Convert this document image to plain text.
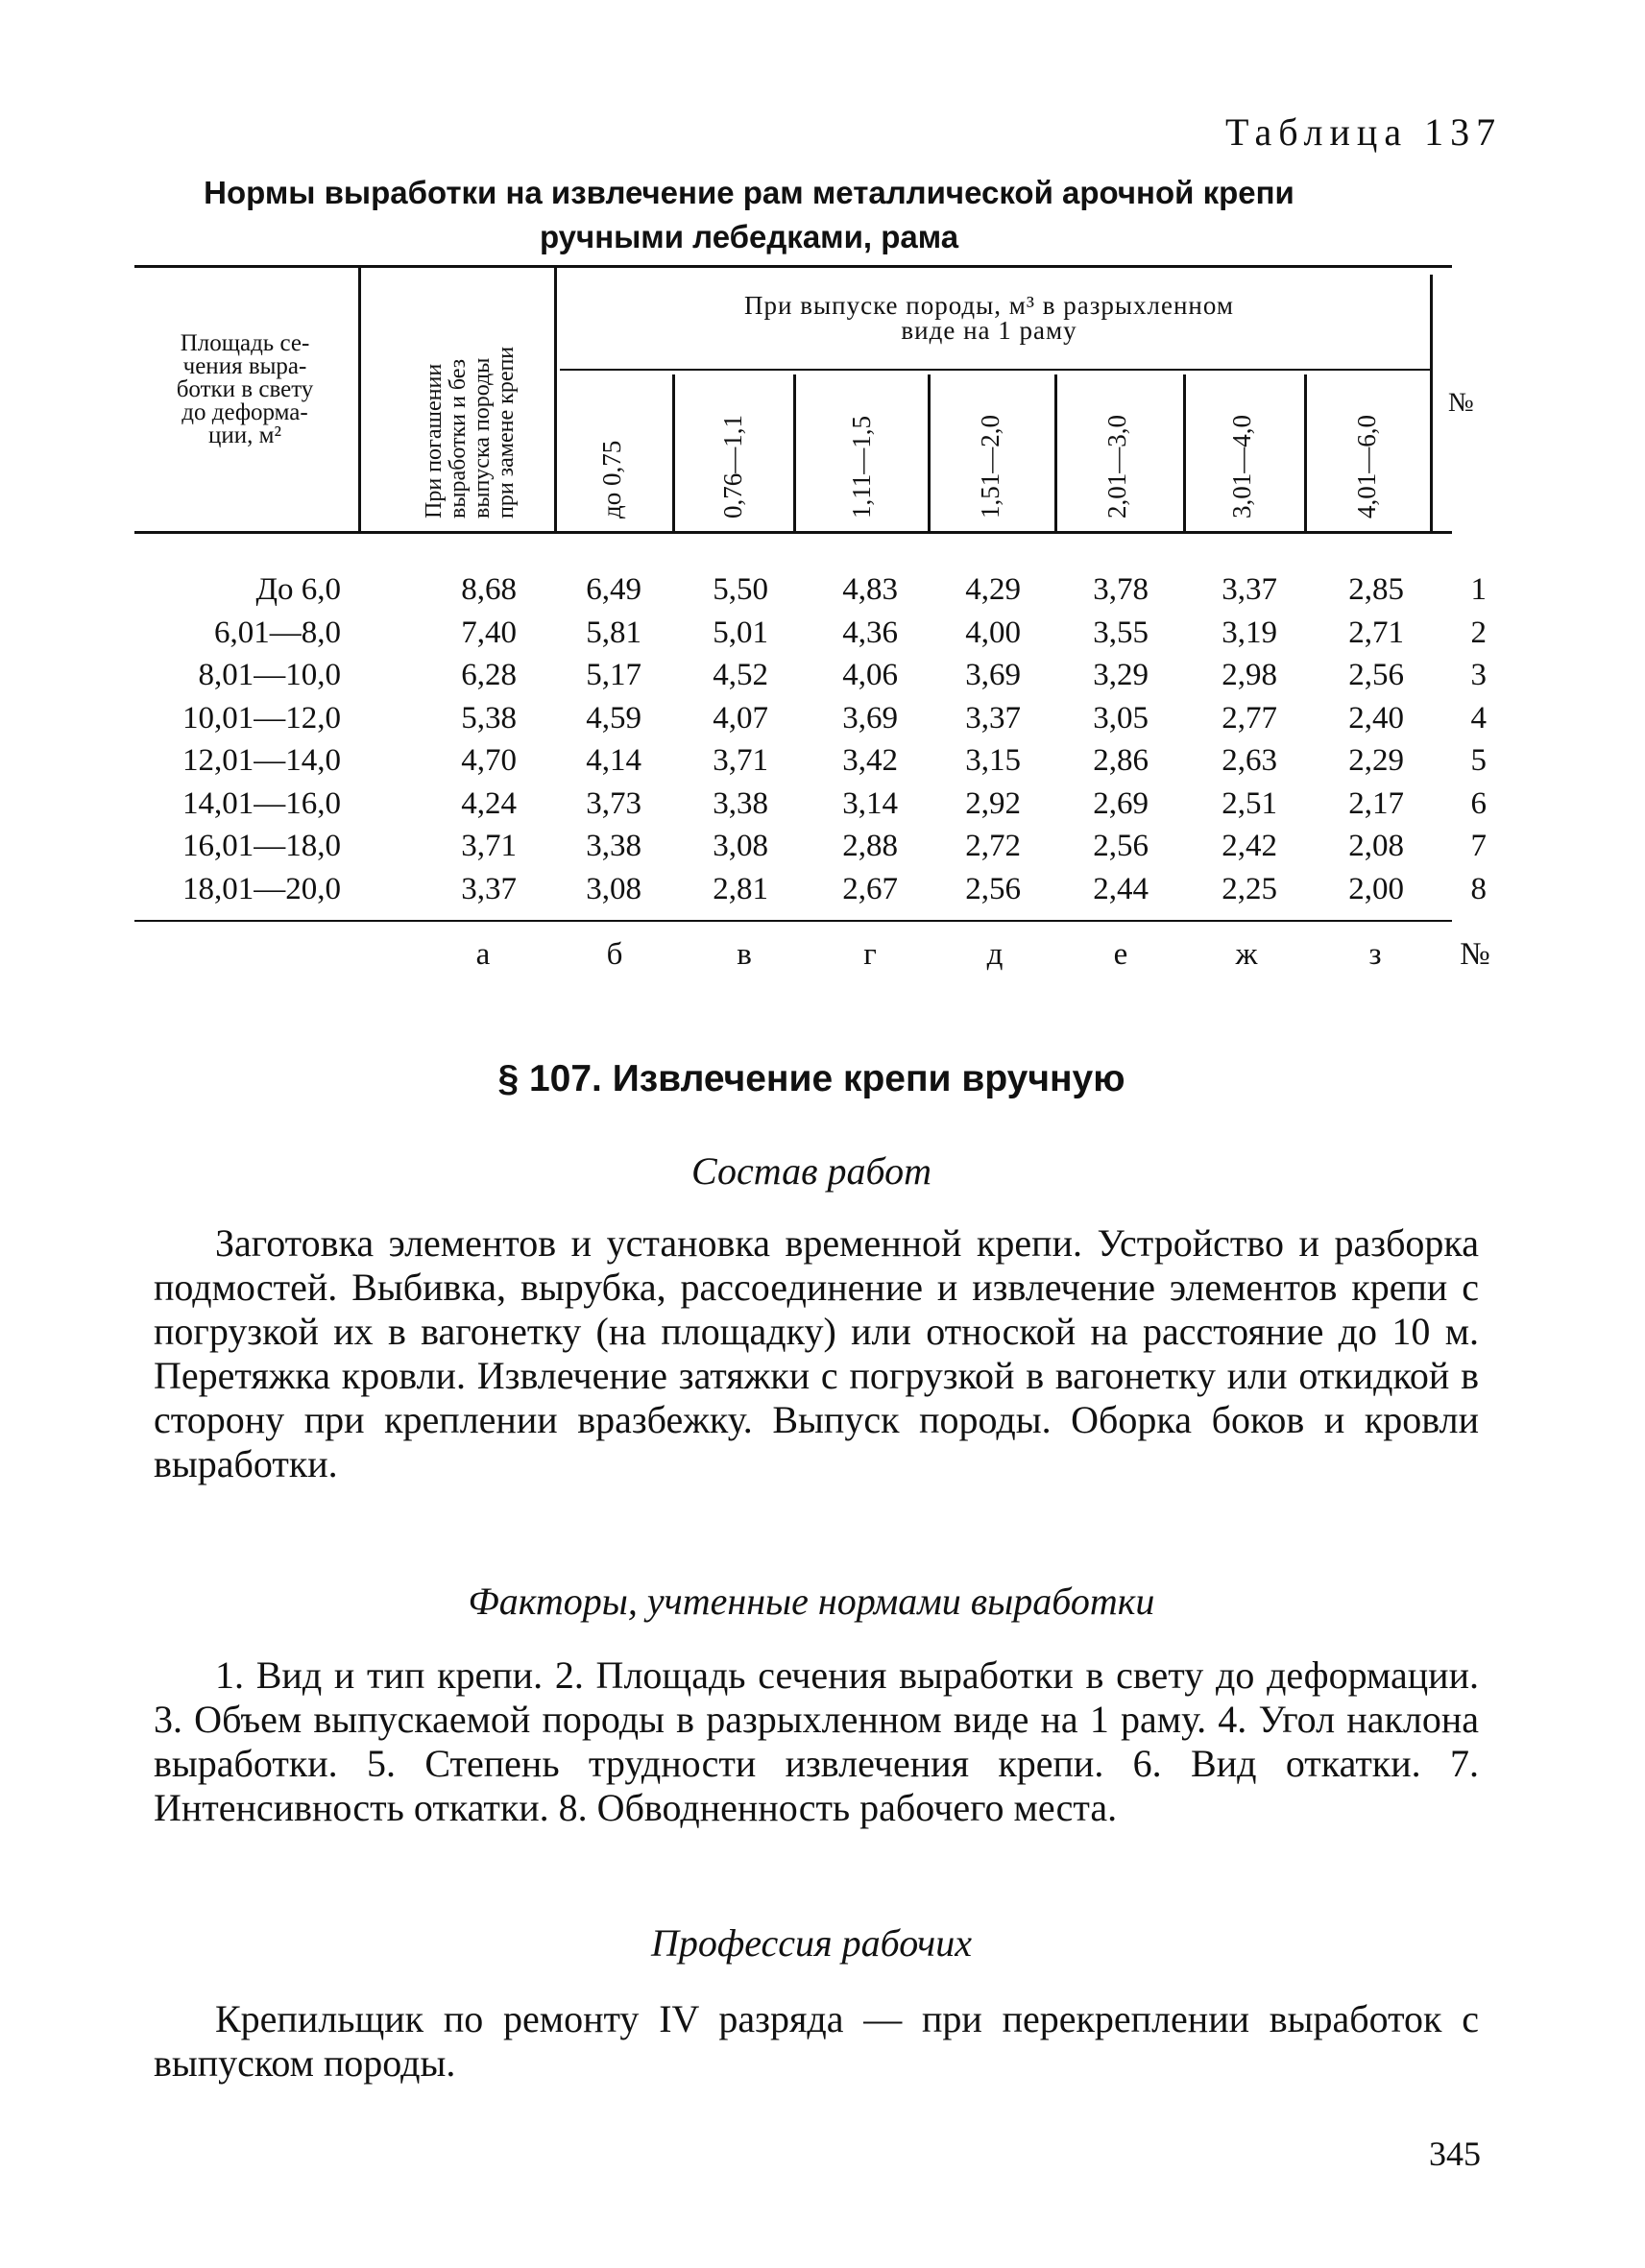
Таблица 137
Нормы выработки на извлечение рам металлической арочной крепи
ручными лебедками, рама
Площадь се-
чения выра-
ботки в свету
до деформа-
ции, м²	При погашении выработки и без выпуска породы при замене крепи
При выпуске породы, м³ в разрыхленном
виде на 1 раму
до 0,75	0,76—1,1	1,11—1,5	1,51—2,0	2,01—3,0	3,01—4,0	4,01—6,0
№
До 6,0	8,68 6,49 5,50 4,83 4,29 3,78 3,37 2,85 1
6,01—8,0	7,40 5,81 5,01 4,36 4,00 3,55 3,19 2,71 2
8,01—10,0	6,28 5,17 4,52 4,06 3,69 3,29 2,98 2,56 3
10,01—12,0	5,38 4,59 4,07 3,69 3,37 3,05 2,77 2,40 4
12,01—14,0	4,70 4,14 3,71 3,42 3,15 2,86 2,63 2,29 5
14,01—16,0	4,24 3,73 3,38 3,14 2,92 2,69 2,51 2,17 6
16,01—18,0	3,71 3,38 3,08 2,88 2,72 2,56 2,42 2,08 7
18,01—20,0	3,37 3,08 2,81 2,67 2,56 2,44 2,25 2,00 8
а	б	в	г	д	е	ж	з	№
§ 107. Извлечение крепи вручную
Состав работ
Заготовка элементов и установка временной крепи. Устройство и разборка подмостей. Выбивка, вырубка, рассоединение и извлечение элементов крепи с погрузкой их в вагонетку (на площадку) или отноской на расстояние до 10 м. Перетяжка кровли. Извлечение затяжки с погрузкой в вагонетку или откидкой в сторону при креплении вразбежку. Выпуск породы. Оборка боков и кровли выработки.
Факторы, учтенные нормами выработки
1. Вид и тип крепи. 2. Площадь сечения выработки в свету до деформации. 3. Объем выпускаемой породы в разрыхленном виде на 1 раму. 4. Угол наклона выработки. 5. Степень трудности извлечения крепи. 6. Вид откатки. 7. Интенсивность откатки. 8. Обводненность рабочего места.
Профессия рабочих
Крепильщик по ремонту IV разряда — при перекреплении выработок с выпуском породы.
345
